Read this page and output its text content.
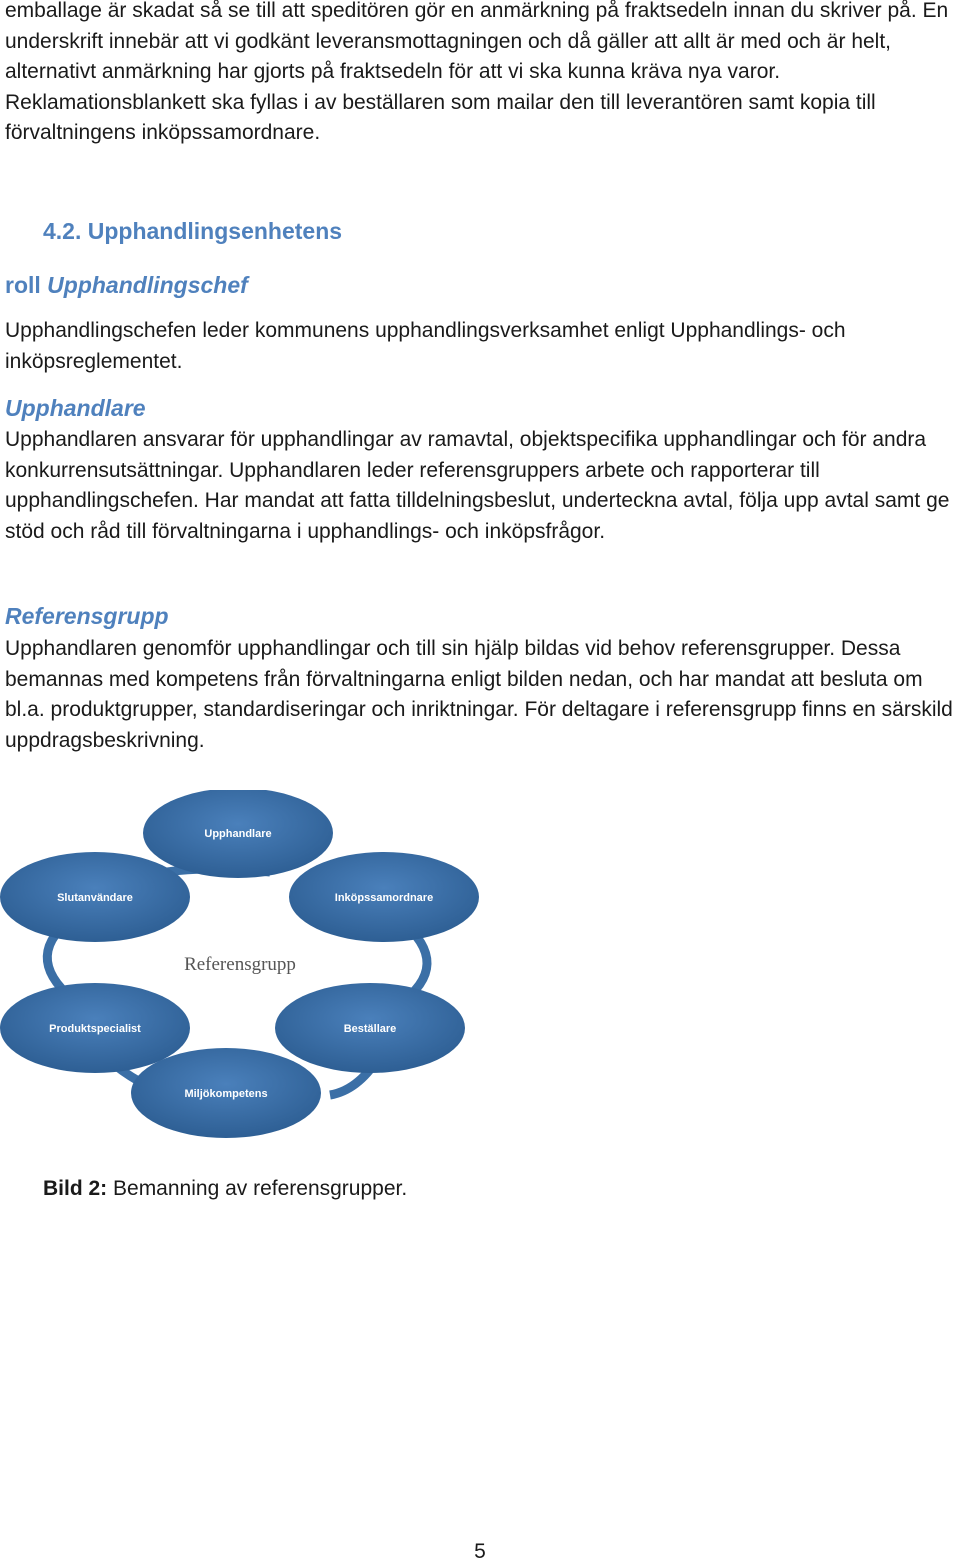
emballage är skadat så se till att speditören gör en anmärkning på fraktsedeln innan du skriver på. En underskrift innebär att vi godkänt leveransmottagningen och då gäller att allt är med och är helt, alternativt anmärkning har gjorts på fraktsedeln för att vi ska kunna kräva nya varor. Reklamationsblankett ska fyllas i av beställaren som mailar den till leverantören samt kopia till förvaltningens inköpssamordnare.

4.2. Upphandlingsenhetens

roll Upphandlingschef

Upphandlingschefen leder kommunens upphandlingsverksamhet enligt Upphandlings- och inköpsreglementet.

Upphandlare

Upphandlaren ansvarar för upphandlingar av ramavtal, objektspecifika upphandlingar och för andra konkurrensutsättningar. Upphandlaren leder referensgruppers arbete och rapporterar till upphandlingschefen. Har mandat att fatta tilldelningsbeslut, underteckna avtal, följa upp avtal samt ge stöd och råd till förvaltningarna i upphandlings- och inköpsfrågor.

Referensgrupp

Upphandlaren genomför upphandlingar och till sin hjälp bildas vid behov referensgrupper. Dessa bemannas med kompetens från förvaltningarna enligt bilden nedan, och har mandat att besluta om bl.a. produktgrupper, standardiseringar och inriktningar. För deltagare i referensgrupp finns en särskild uppdragsbeskrivning.

Upphandlare
Inköpssamordnare
Beställare
Miljökompetens
Produktspecialist
Slutanvändare
Referensgrupp

Bild 2: Bemanning av referensgrupper.

5
